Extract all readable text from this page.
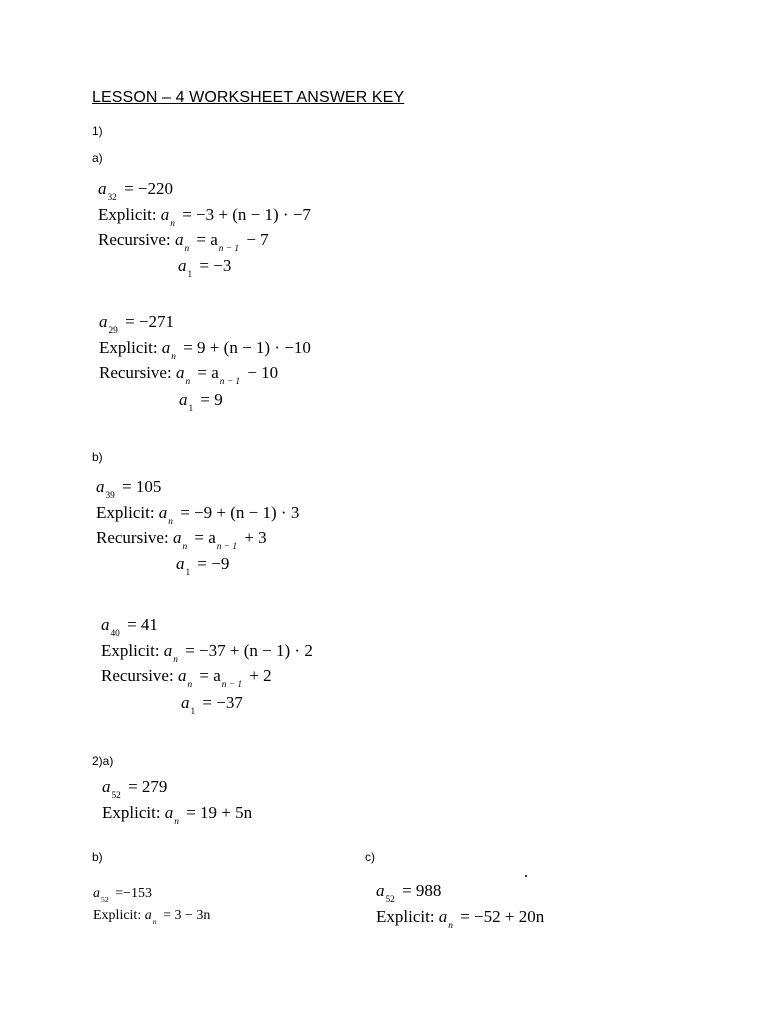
LESSON – 4 WORKSHEET ANSWER KEY
1)
a)
$a_{32} = -220$
Explicit: $a_n = -3 + (n - 1) \cdot -7$
Recursive: $a_n = a_{n - 1} - 7$
$a_1 = -3$
$a_{29} = -271$
Explicit: $a_n = 9 + (n - 1) \cdot -10$
Recursive: $a_n = a_{n - 1} - 10$
$a_1 = 9$
b)
$a_{39} = 105$
Explicit: $a_n = -9 + (n - 1) \cdot 3$
Recursive: $a_n = a_{n - 1} + 3$
$a_1 = -9$
$a_{40} = 41$
Explicit: $a_n = -37 + (n - 1) \cdot 2$
Recursive: $a_n = a_{n - 1} + 2$
$a_1 = -37$
2)a)
$a_{52} = 279$
Explicit: $a_n = 19 + 5n$
b)	c)
$a_{52} =-153$
Explicit: $a_n = 3 - 3n$
$a_{52} = 988$
Explicit: $a_n = -52 + 20n$
